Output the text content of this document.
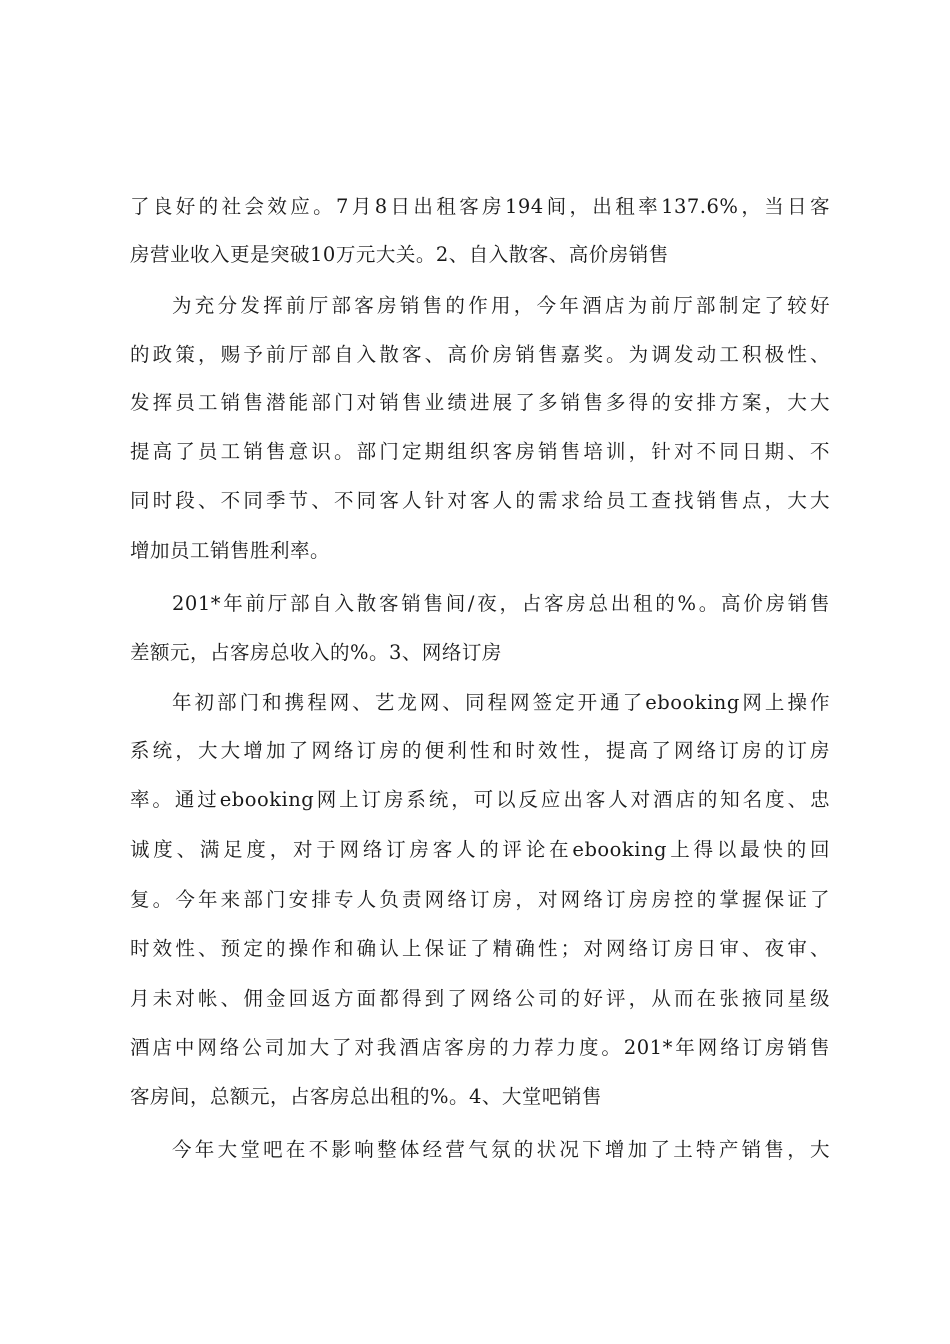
了良好的社会效应。7月8日出租客房194间，出租率137.6%，当日客
房营业收入更是突破10万元大关。2、自入散客、高价房销售
为充分发挥前厅部客房销售的作用，今年酒店为前厅部制定了较好
的政策，赐予前厅部自入散客、高价房销售嘉奖。为调发动工积极性、
发挥员工销售潜能部门对销售业绩进展了多销售多得的安排方案，大大
提高了员工销售意识。部门定期组织客房销售培训，针对不同日期、不
同时段、不同季节、不同客人针对客人的需求给员工查找销售点，大大
增加员工销售胜利率。
201*年前厅部自入散客销售间/夜，占客房总出租的%。高价房销售
差额元，占客房总收入的%。3、网络订房
年初部门和携程网、艺龙网、同程网签定开通了ebooking网上操作
系统，大大增加了网络订房的便利性和时效性，提高了网络订房的订房
率。通过ebooking网上订房系统，可以反应出客人对酒店的知名度、忠
诚度、满足度，对于网络订房客人的评论在ebooking上得以最快的回
复。今年来部门安排专人负责网络订房，对网络订房房控的掌握保证了
时效性、预定的操作和确认上保证了精确性；对网络订房日审、夜审、
月未对帐、佣金回返方面都得到了网络公司的好评，从而在张掖同星级
酒店中网络公司加大了对我酒店客房的力荐力度。201*年网络订房销售
客房间，总额元，占客房总出租的%。4、大堂吧销售
今年大堂吧在不影响整体经营气氛的状况下增加了土特产销售，大
